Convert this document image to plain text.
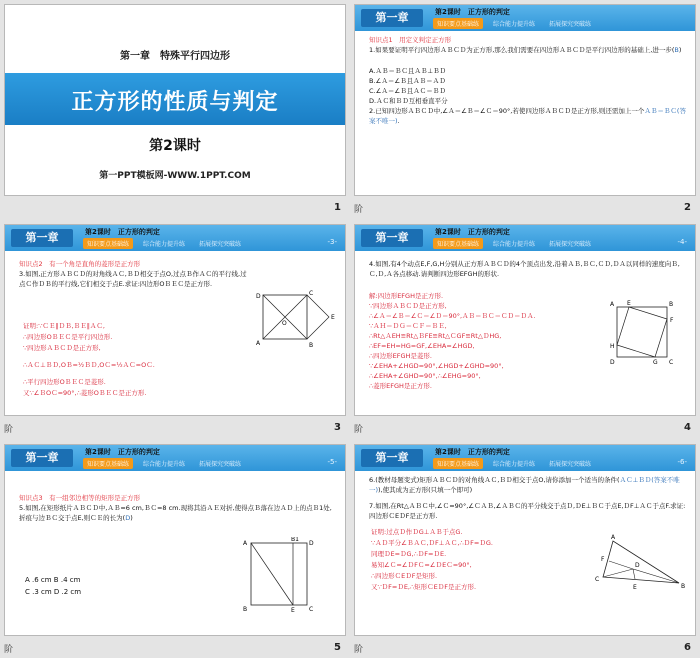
第一章　特殊平行四边形
正方形的性质与判定
第2课时
第一PPT模板网-WWW.1PPT.COM
1
第一章	第2课时　正方形的判定
知识要点基础练	综合能力提升练	拓展探究突破练
知识点1　用定义判定正方形
1.如果要证明平行四边形ＡＢＣＤ为正方形,那么我们需要在四边形ＡＢＣＤ是平行四边形的基础上,进一步(B)
A.ＡＢ＝ＢＣ且ＡＢ⊥ＢＤ
B.∠Ａ＝∠Ｂ且ＡＢ＝ＡＤ
C.∠Ａ＝∠Ｂ且ＡＣ＝ＢＤ
D.ＡＣ和ＢＤ互相垂直平分
2.已知四边形ＡＢＣＤ中,∠Ａ＝∠Ｂ＝∠Ｃ＝90°,若使四边形ＡＢＣＤ是正方形,则还需加上一个ＡＢ＝ＢＣ(答案不唯一).
2
阶
第一章	第2课时　正方形的判定
知识要点基础练	综合能力提升练	拓展探究突破练	-3-
知识点2　有一个角是直角的菱形是正方形
3.如图,正方形ＡＢＣＤ的对角线ＡＣ,ＢＤ相交于点O,过点Ｂ作ＡＣ的平行线,过点Ｃ作ＤＢ的平行线,它们相交于点E.求证:四边形OＢＥＣ是正方形.
证明:∵ＣＥ∥ＤＢ,ＢＥ∥ＡＣ,
∴四边形OＢＥＣ是平行四边形.
∵四边形ＡＢＣＤ是正方形,
∴ＡＣ⊥ＢＤ,OＢ=½ＢＤ,OＣ=½ＡＣ=OＣ.
∴平行四边形OＢＥＣ是菱形.
又∵∠ＢOＣ=90°,∴菱形OＢＥＣ是正方形.
D	C
A	B
O
E
3
阶
第一章	第2课时　正方形的判定
知识要点基础练	综合能力提升练	拓展探究突破练	-4-
4.如图,有4个动点E,F,G,H分别从正方形ＡＢＣＤ的4个顶点出发,沿着ＡＢ,ＢＣ,ＣＤ,ＤＡ以同样的速度向Ｂ,Ｃ,Ｄ,Ａ各点移动.请判断四边形EFGH的形状.
解:四边形EFGH是正方形.
∵四边形ＡＢＣＤ是正方形,
∴∠Ａ＝∠Ｂ＝∠Ｃ＝∠Ｄ＝90°,ＡＢ＝ＢＣ＝ＣＤ＝ＤＡ.
∵ＡＨ＝ＤＧ＝ＣＦ＝ＢＥ,
∴Rt△ＡEH≌Rt△ＢFE≌Rt△ＣGF≌Rt△ＤHG,
∴EF=EH=HG=GF,∠EHA=∠HGD,
∴四边形EFGH是菱形.
∵∠EHA+∠HGD=90°,∠HGD+∠GHD=90°,
∴∠EHA+∠GHD=90°,∴∠EHG=90°,
∴菱形EFGH是正方形.
A	B
C
D
E
F
G
H
4
阶
第一章	第2课时　正方形的判定
知识要点基础练	综合能力提升练	拓展探究突破练	-5-
知识点3　有一组邻边相等的矩形是正方形
5.如图,在矩形纸片ＡＢＣＤ中,ＡＢ=6 cm,ＢＣ=8 cm.现将其沿ＡＥ对折,使得点Ｂ落在边ＡＤ上的点Ｂ1处,折痕与边ＢＣ交于点E,则ＣＥ的长为(D)
A .6 cm B .4 cm
C .3 cm D .2 cm
A
B1
D
B	E C
5
阶
第一章	第2课时　正方形的判定
知识要点基础练	综合能力提升练	拓展探究突破练	-6-
6.(教材母题变式)矩形ＡＢＣＤ的对角线ＡＣ,ＢＤ相交于点O,请你添加一个适当的条件(ＡＣ⊥ＢＤ(答案不唯一)),使其成为正方形(只填一个即可)
7.如图,在Rt△ＡＢＣ中,∠Ｃ=90°,∠ＣＡＢ,∠ＡＢＣ的平分线交于点Ｄ,ＤE⊥ＢＣ于点E,ＤF⊥ＡＣ于点F.求证:四边形ＣEＤF是正方形.
证明:过点Ｄ作ＤG⊥ＡＢ于点G.
∵ＡＤ平分∠ＢＡＣ,ＤF⊥ＡＣ,∴ＤF=ＤG.
同理ＤE=ＤG,∴ＤF=ＤE.
易知∠Ｃ=∠ＤFＣ=∠ＤEＣ=90°,
∴四边形ＣEＤF是矩形.
又∵ＤF=ＤE,∴矩形ＣEＤF是正方形.
C
B
A
D
E
F
6
阶
